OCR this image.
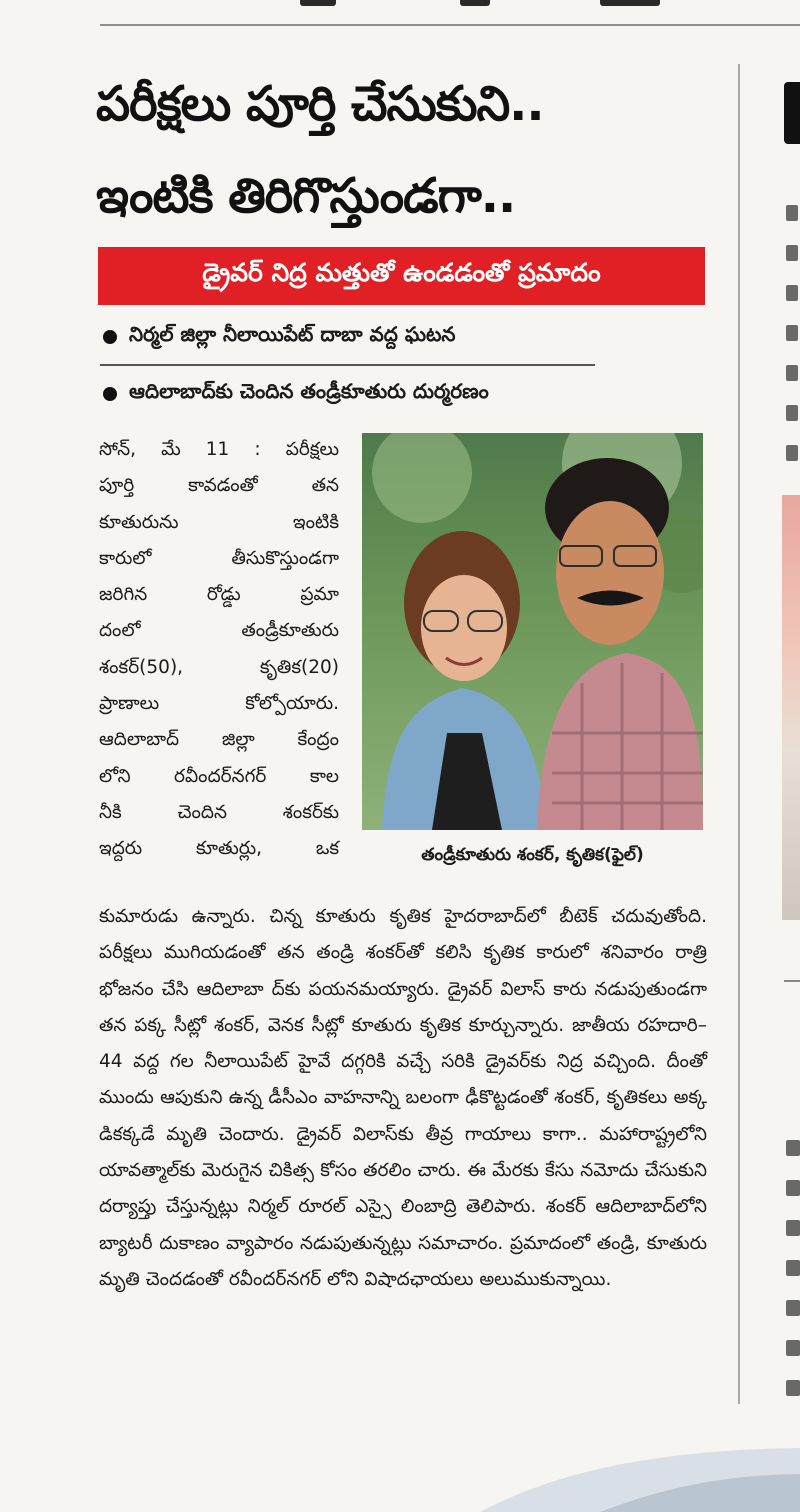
పరీక్షలు పూర్తి చేసుకుని..
ఇంటికి తిరిగొస్తుండగా..
డ్రైవర్ నిద్ర మత్తుతో ఉండడంతో ప్రమాదం
నిర్మల్ జిల్లా నీలాయిపేట్ దాబా వద్ద ఘటన
ఆదిలాబాద్‌కు చెందిన తండ్రీకూతురు దుర్మరణం

సోన్, మే 11 : పరీక్షలు
పూర్తి కావడంతో తన
కూతురును ఇంటికి
కారులో తీసుకొస్తుండగా
జరిగిన రోడ్డు ప్రమా
దంలో తండ్రీకూతురు
శంకర్(50), కృతిక(20)
ప్రాణాలు కోల్పోయారు.
ఆదిలాబాద్ జిల్లా కేంద్రం
లోని రవీందర్‌నగర్ కాల
నీకి చెందిన శంకర్‌కు
ఇద్దరు కూతుర్లు, ఒక	తండ్రీకూతురు శంకర్, కృతిక(ఫైల్)

కుమారుడు ఉన్నారు. చిన్న కూతురు కృతిక హైదరాబాద్‌లో బీటెక్ చదువుతోంది. పరీక్షలు ముగియడంతో తన తండ్రి శంకర్‌తో కలిసి కృతిక కారులో శనివారం రాత్రి భోజనం చేసి ఆదిలాబా ద్‌కు పయనమయ్యారు. డ్రైవర్ విలాస్ కారు నడుపుతుండగా తన పక్క సీట్లో శంకర్, వెనక సీట్లో కూతురు కృతిక కూర్చున్నారు. జాతీయ రహదారి–44 వద్ద గల నీలాయిపేట్ హైవే దగ్గరికి వచ్చే సరికి డ్రైవర్‌కు నిద్ర వచ్చింది. దీంతో ముందు ఆపుకుని ఉన్న డీసీఎం వాహనాన్ని బలంగా ఢీకొట్టడంతో శంకర్, కృతికలు అక్క డికక్కడే మృతి చెందారు. డ్రైవర్ విలాస్‌కు తీవ్ర గాయాలు కాగా.. మహారాష్ట్రలోని యావత్మాల్‌కు మెరుగైన చికిత్స కోసం తరలిం చారు. ఈ మేరకు కేసు నమోదు చేసుకుని దర్యాప్తు చేస్తున్నట్లు నిర్మల్ రూరల్ ఎస్సై లింబాద్రి తెలిపారు. శంకర్ ఆదిలాబాద్‌లోని బ్యాటరీ దుకాణం వ్యాపారం నడుపుతున్నట్లు సమాచారం. ప్రమాదంలో తండ్రి, కూతురు మృతి చెందడంతో రవీందర్‌నగర్ లోని విషాదఛాయలు అలుముకున్నాయి.
